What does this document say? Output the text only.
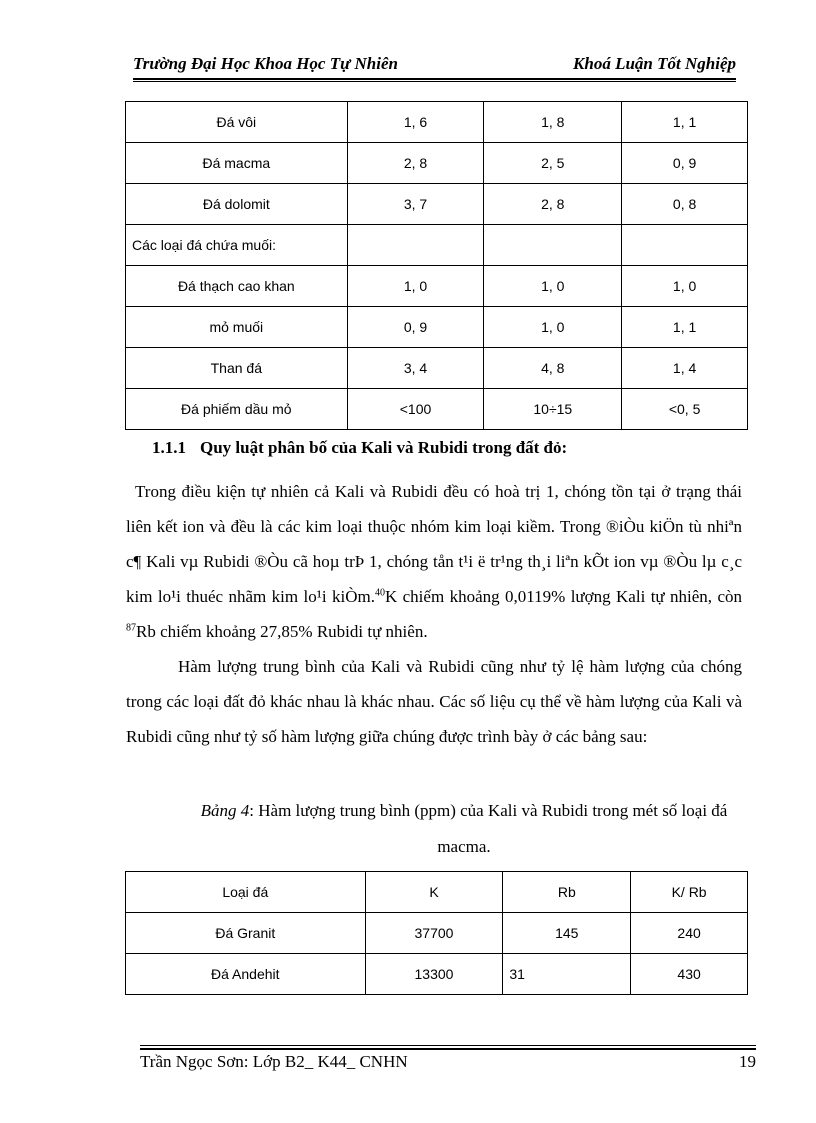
Trường Đại Học Khoa Học Tự Nhiên	Khoá Luận Tốt Nghiệp
Đá vôi	1, 6	1, 8	1, 1
Đá macma	2, 8	2, 5	0, 9
Đá dolomit	3, 7	2, 8	0, 8
Các loại đá chứa muối:			
Đá thạch cao khan	1, 0	1, 0	1, 0
mỏ muối	0, 9	1, 0	1, 1
Than đá	3, 4	4, 8	1, 4
Đá phiếm dầu mỏ	<100	10÷15	<0, 5
1.1.1 Quy luật phân bố của Kali và Rubidi trong đất đỏ:
Trong điều kiện tự nhiên cả Kali và Rubidi đều có hoà trị 1, chóng tồn tại ở trạng thái liên kết ion và đều là các kim loại thuộc nhóm kim loại kiềm. Trong ®iÒu kiÖn tù nhiªn c¶ Kali vµ Rubidi ®Òu cã hoµ trÞ 1, chóng tån t¹i ë tr¹ng th¸i liªn kÕt ion vµ ®Òu lµ c¸c kim lo¹i thuéc nhãm kim lo¹i kiÒm.$^{40}$K chiếm khoảng 0,0119% lượng Kali tự nhiên, còn $^{87}$Rb chiếm khoảng 27,85% Rubidi tự nhiên.
Hàm lượng trung bình của Kali và Rubidi cũng như tỷ lệ hàm lượng của chóng trong các loại đất đỏ khác nhau là khác nhau. Các số liệu cụ thể về hàm lượng của Kali và Rubidi cũng như tỷ số hàm lượng giữa chúng được trình bày ở các bảng sau:
Bảng 4: Hàm lượng trung bình (ppm) của Kali và Rubidi trong mét số loại đá macma.
Loại đá	K	Rb	K/ Rb
Đá Granit	37700	145	240
Đá Andehit	13300	31	430
Trần Ngọc Sơn: Lớp B2_ K44_ CNHN	19
